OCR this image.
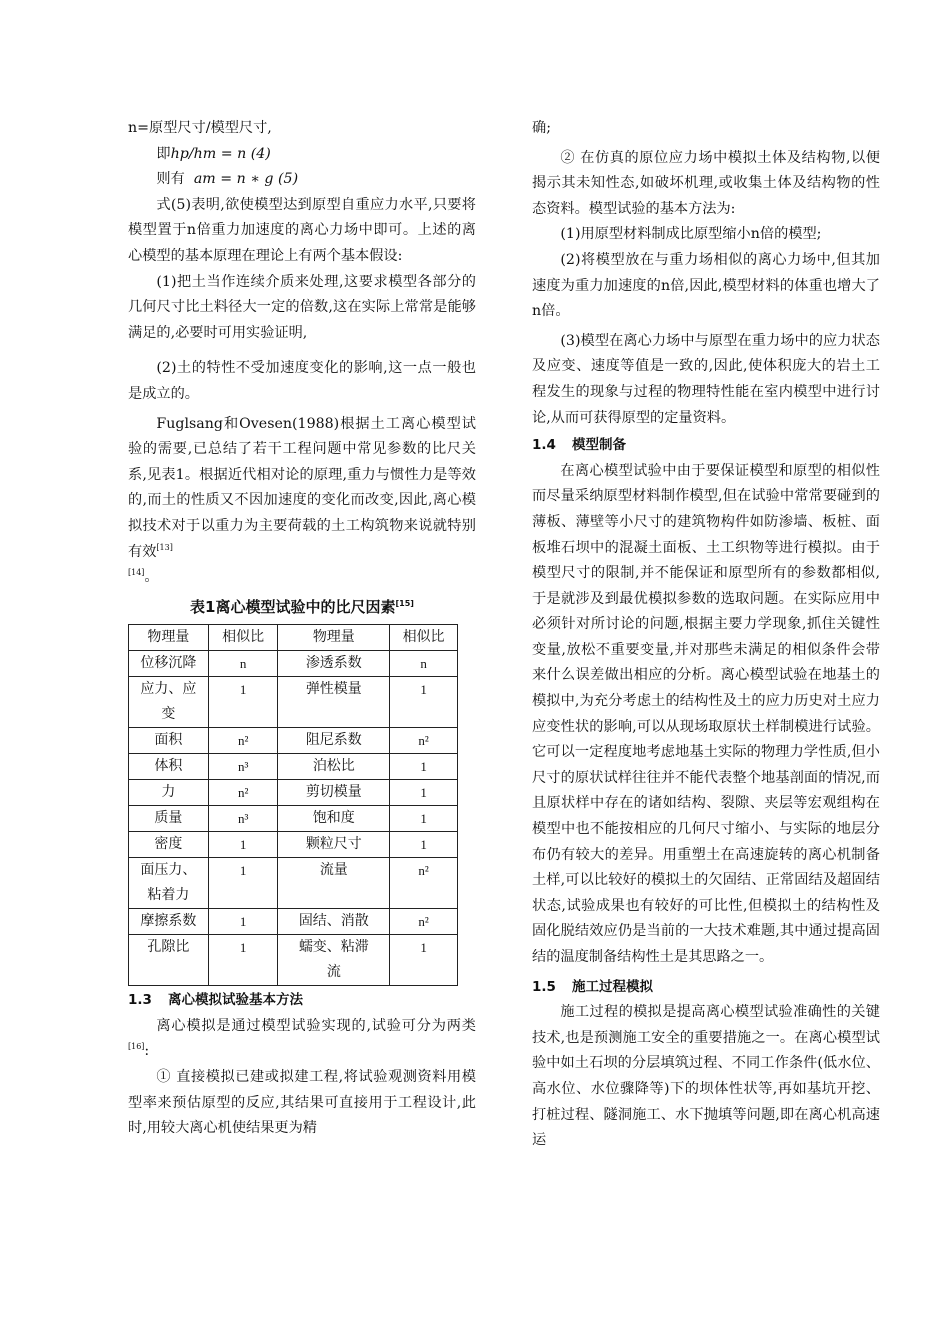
n=原型尺寸/模型尺寸,

即hp/hm = n (4)

则有 am = n ∗ g (5)

式(5)表明,欲使模型达到原型自重应力水平,只要将模型置于n倍重力加速度的离心力场中即可。上述的离心模型的基本原理在理论上有两个基本假设:

(1)把土当作连续介质来处理,这要求模型各部分的几何尺寸比土料径大一定的倍数,这在实际上常常是能够满足的,必要时可用实验证明,

(2)土的特性不受加速度变化的影响,这一点一般也是成立的。

Fuglsang和Ovesen(1988)根据土工离心模型试验的需要,已总结了若干工程问题中常见参数的比尺关系,见表1。根据近代相对论的原理,重力与惯性力是等效的,而土的性质又不因加速度的变化而改变,因此,离心模拟技术对于以重力为主要荷载的土工构筑物来说就特别有效[13]
[14]。

表1离心模型试验中的比尺因素[15]
物理量	相似比	物理量	相似比
位移沉降	n	渗透系数	n
应力、应变	1	弹性模量	1
面积	n²	阻尼系数	n²
体积	n³	泊松比	1
力	n²	剪切模量	1
质量	n³	饱和度	1
密度	1	颗粒尺寸	1
面压力、粘着力	1	流量	n²
摩擦系数	1	固结、消散	n²
孔隙比	1	蠕变、粘滞流	1

1.3 离心模拟试验基本方法

离心模拟是通过模型试验实现的,试验可分为两类[16]:

① 直接模拟已建或拟建工程,将试验观测资料用模型率来预估原型的反应,其结果可直接用于工程设计,此时,用较大离心机使结果更为精

确;

② 在仿真的原位应力场中模拟土体及结构物,以便揭示其未知性态,如破坏机理,或收集土体及结构物的性态资料。模型试验的基本方法为:

(1)用原型材料制成比原型缩小n倍的模型;

(2)将模型放在与重力场相似的离心力场中,但其加速度为重力加速度的n倍,因此,模型材料的体重也增大了n倍。

(3)模型在离心力场中与原型在重力场中的应力状态及应变、速度等值是一致的,因此,使体积庞大的岩土工程发生的现象与过程的物理特性能在室内模型中进行讨论,从而可获得原型的定量资料。

1.4 模型制备

在离心模型试验中由于要保证模型和原型的相似性而尽量采纳原型材料制作模型,但在试验中常常要碰到的薄板、薄壁等小尺寸的建筑物构件如防渗墙、板桩、面板堆石坝中的混凝土面板、土工织物等进行模拟。由于模型尺寸的限制,并不能保证和原型所有的参数都相似,于是就涉及到最优模拟参数的选取问题。在实际应用中必须针对所讨论的问题,根据主要力学现象,抓住关键性变量,放松不重要变量,并对那些未满足的相似条件会带来什么误差做出相应的分析。离心模型试验在地基土的模拟中,为充分考虑土的结构性及土的应力历史对土应力应变性状的影响,可以从现场取原状土样制模进行试验。它可以一定程度地考虑地基土实际的物理力学性质,但小尺寸的原状试样往往并不能代表整个地基剖面的情况,而且原状样中存在的诸如结构、裂隙、夹层等宏观组构在模型中也不能按相应的几何尺寸缩小、与实际的地层分布仍有较大的差异。用重塑土在高速旋转的离心机制备土样,可以比较好的模拟土的欠固结、正常固结及超固结状态,试验成果也有较好的可比性,但模拟土的结构性及固化脱结效应仍是当前的一大技术难题,其中通过提高固结的温度制备结构性土是其思路之一。

1.5 施工过程模拟

施工过程的模拟是提高离心模型试验准确性的关键技术,也是预测施工安全的重要措施之一。在离心模型试验中如土石坝的分层填筑过程、不同工作条件(低水位、高水位、水位骤降等)下的坝体性状等,再如基坑开挖、打桩过程、隧洞施工、水下抛填等问题,即在离心机高速运
